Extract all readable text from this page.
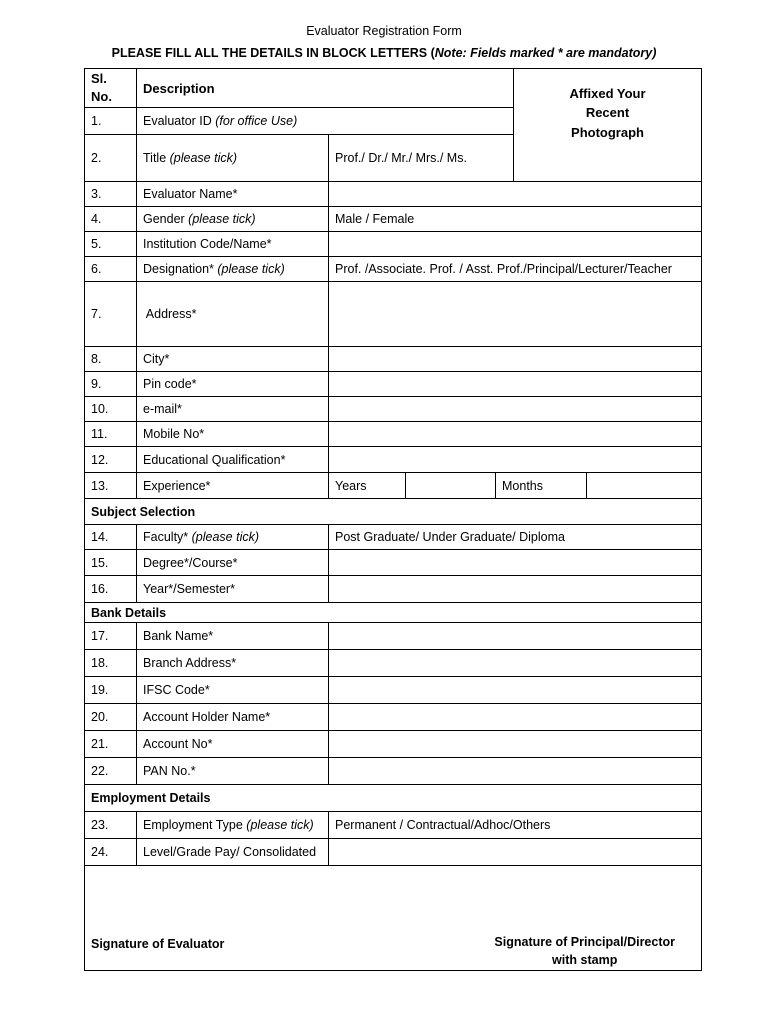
Evaluator Registration Form
PLEASE FILL ALL THE DETAILS IN BLOCK LETTERS (Note: Fields marked * are mandatory)
Sl.
No.	Description				Affixed Your
Recent
Photograph	

1.	Evaluator ID (for office Use)					
2.	Title (please tick)	Prof./ Dr./ Mr./ Mrs./ Ms.				
3.	Evaluator Name*					
4.	Gender (please tick)	Male / Female				
5.	Institution Code/Name*					
6.	Designation* (please tick)	Prof. /Associate. Prof. / Asst. Prof./Principal/Lecturer/Teacher				
7.	Address*					
8.	City*					
9.	Pin code*					
10.	e-mail*					
11.	Mobile No*					
12.	Educational Qualification*					
13.	Experience*	Years		Months		
Subject Selection						
14.	Faculty* (please tick)	Post Graduate/ Under Graduate/ Diploma				
15.	Degree*/Course*					
16.	Year*/Semester*					
Bank Details						
17.	Bank Name*					
18.	Branch Address*					
19.	IFSC Code*					
20.	Account Holder Name*					
21.	Account No*					
22.	PAN No.*					
Employment Details						
23.	Employment Type (please tick)	Permanent / Contractual/Adhoc/Others				
24.	Level/Grade Pay/ Consolidated					

Signature of Evaluator Signature of Principal/Director
with stamp						
